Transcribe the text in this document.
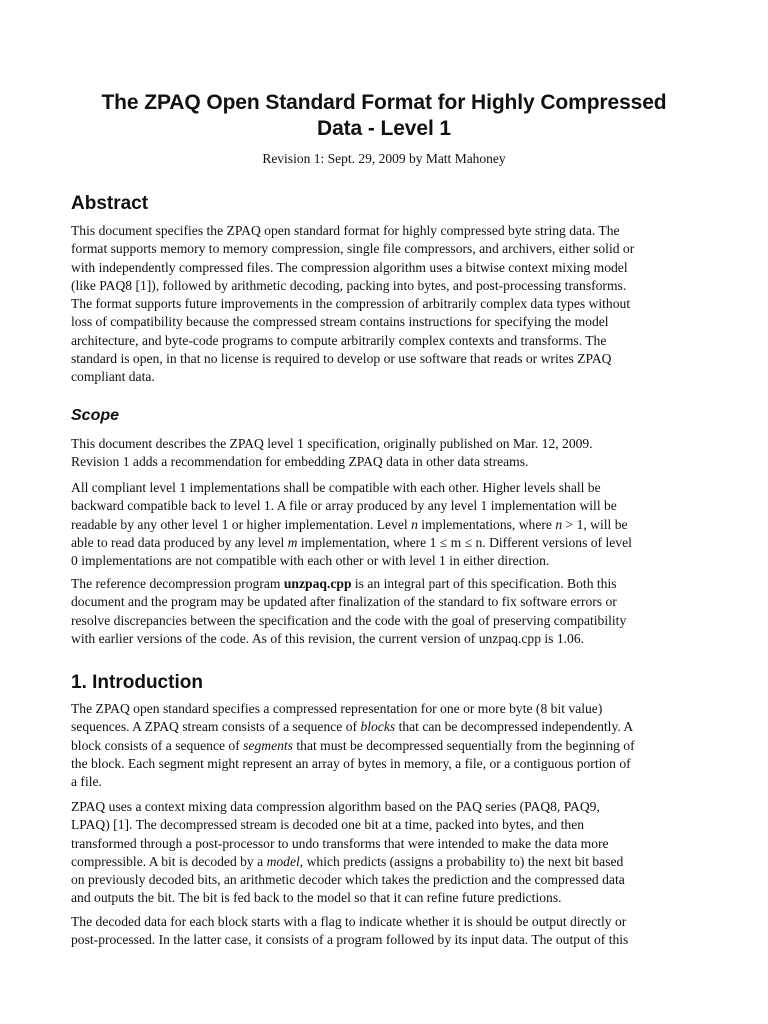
The ZPAQ Open Standard Format for Highly Compressed
Data - Level 1

Revision 1: Sept. 29, 2009 by Matt Mahoney

Abstract

This document specifies the ZPAQ open standard format for highly compressed byte string data. The
format supports memory to memory compression, single file compressors, and archivers, either solid or
with independently compressed files. The compression algorithm uses a bitwise context mixing model
(like PAQ8 [1]), followed by arithmetic decoding, packing into bytes, and post-processing transforms.
The format supports future improvements in the compression of arbitrarily complex data types without
loss of compatibility because the compressed stream contains instructions for specifying the model
architecture, and byte-code programs to compute arbitrarily complex contexts and transforms. The
standard is open, in that no license is required to develop or use software that reads or writes ZPAQ
compliant data.

Scope

This document describes the ZPAQ level 1 specification, originally published on Mar. 12, 2009.
Revision 1 adds a recommendation for embedding ZPAQ data in other data streams.

All compliant level 1 implementations shall be compatible with each other. Higher levels shall be
backward compatible back to level 1. A file or array produced by any level 1 implementation will be
readable by any other level 1 or higher implementation. Level n implementations, where n > 1, will be
able to read data produced by any level m implementation, where 1 ≤ m ≤ n. Different versions of level
0 implementations are not compatible with each other or with level 1 in either direction.

The reference decompression program unzpaq.cpp is an integral part of this specification. Both this
document and the program may be updated after finalization of the standard to fix software errors or
resolve discrepancies between the specification and the code with the goal of preserving compatibility
with earlier versions of the code. As of this revision, the current version of unzpaq.cpp is 1.06.

1. Introduction

The ZPAQ open standard specifies a compressed representation for one or more byte (8 bit value)
sequences. A ZPAQ stream consists of a sequence of blocks that can be decompressed independently. A
block consists of a sequence of segments that must be decompressed sequentially from the beginning of
the block. Each segment might represent an array of bytes in memory, a file, or a contiguous portion of
a file.

ZPAQ uses a context mixing data compression algorithm based on the PAQ series (PAQ8, PAQ9,
LPAQ) [1]. The decompressed stream is decoded one bit at a time, packed into bytes, and then
transformed through a post-processor to undo transforms that were intended to make the data more
compressible. A bit is decoded by a model, which predicts (assigns a probability to) the next bit based
on previously decoded bits, an arithmetic decoder which takes the prediction and the compressed data
and outputs the bit. The bit is fed back to the model so that it can refine future predictions.

The decoded data for each block starts with a flag to indicate whether it is should be output directly or
post-processed. In the latter case, it consists of a program followed by its input data. The output of this
